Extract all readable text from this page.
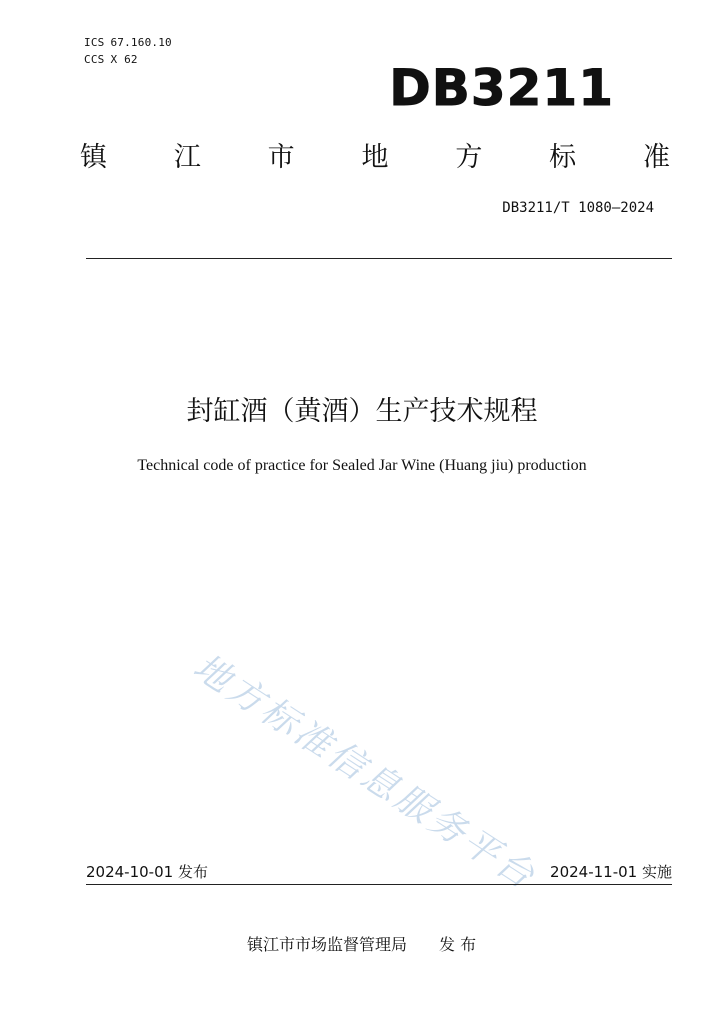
ICS 67.160.10
CCS X 62	DB3211
镇 江 市 地 方 标 准
DB3211/T 1080—2024
封缸酒（黄酒）生产技术规程
Technical code of practice for Sealed Jar Wine (Huang jiu) production
地方标准信息服务平台
2024-10-01 发布	2024-11-01 实施
镇江市市场监督管理局 发 布
